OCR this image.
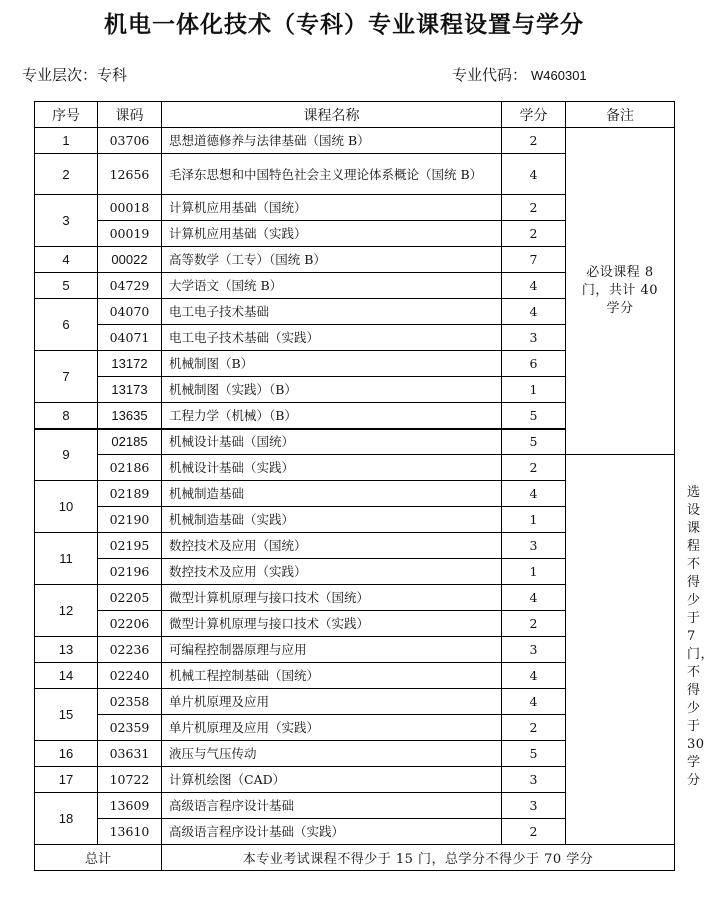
机电一体化技术（专科）专业课程设置与学分
专业层次：专科	专业代码： W460301
序号	课码	课程名称	学分	备注	
1	03706	思想道德修养与法律基础（国统 B）	2	必设课程 8 门，共计 40 学分	
2	12656	毛泽东思想和中国特色社会主义理论体系概论（国统 B）	4		
3	00018	计算机应用基础（国统）	2		
	00019	计算机应用基础（实践）	2		
4	00022	高等数学（工专）（国统 B）	7		
5	04729	大学语文（国统 B）	4		
6	04070	电工电子技术基础	4		
	04071	电工电子技术基础（实践）	3		
7	13172	机械制图（B）	6		
	13173	机械制图（实践）（B）	1		
8	13635	工程力学（机械）（B）	5		
9	02185	机械设计基础（国统）	5		选设课程不得少于 7 门，不得少于 30 学分
	02186	机械设计基础（实践）	2		
10	02189	机械制造基础	4		
	02190	机械制造基础（实践）	1		
11	02195	数控技术及应用（国统）	3		
	02196	数控技术及应用（实践）	1		
12	02205	微型计算机原理与接口技术（国统）	4		
	02206	微型计算机原理与接口技术（实践）	2		
13	02236	可编程控制器原理与应用	3		
14	02240	机械工程控制基础（国统）	4		
15	02358	单片机原理及应用	4		
	02359	单片机原理及应用（实践）	2		
16	03631	液压与气压传动	5		
17	10722	计算机绘图（CAD）	3		
18	13609	高级语言程序设计基础	3		
	13610	高级语言程序设计基础（实践）	2		
总计		本专业考试课程不得少于 15 门，总学分不得少于 70 学分			
